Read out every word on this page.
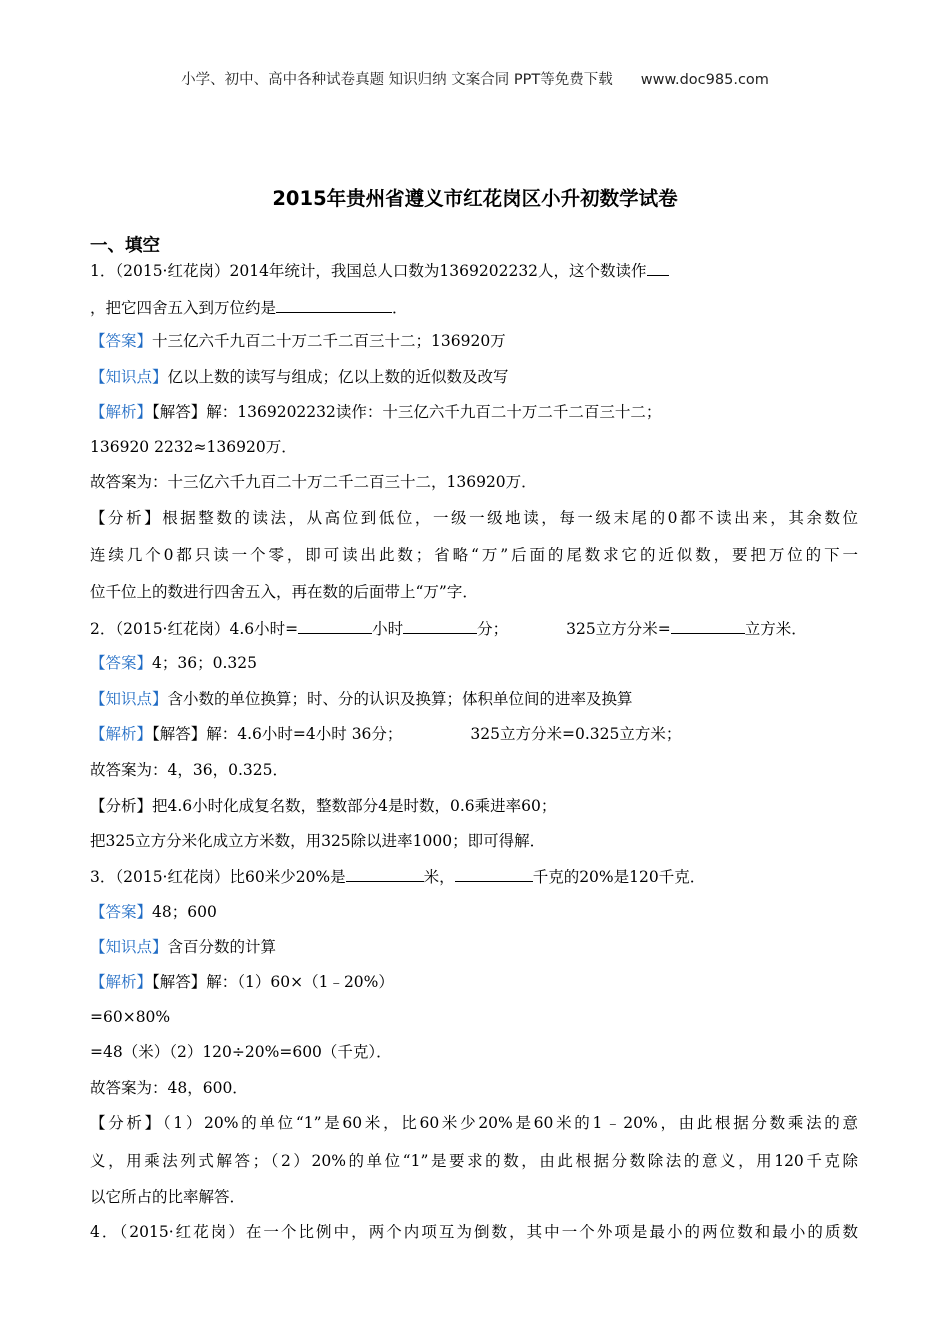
小学、初中、高中各种试卷真题 知识归纳 文案合同 PPT等免费下载 www.doc985.com
2015年贵州省遵义市红花岗区小升初数学试卷
一、填空
1．（2015·红花岗）2014年统计，我国总人口数为1369202232人，这个数读作
，把它四舍五入到万位约是	．
【答案】十三亿六千九百二十万二千二百三十二；136920万
【知识点】亿以上数的读写与组成；亿以上数的近似数及改写
【解析】【解答】解：1369202232读作：十三亿六千九百二十万二千二百三十二；
136920 2232≈136920万．
故答案为：十三亿六千九百二十万二千二百三十二，136920万．
【分析】根据整数的读法，从高位到低位，一级一级地读，每一级末尾的0都不读出来，其余数位
连续几个0都只读一个零，即可读出此数；省略“万”后面的尾数求它的近似数，要把万位的下一
位千位上的数进行四舍五入，再在数的后面带上“万”字．
2．（2015·红花岗）4.6小时=	小时	分；	325立方分米=	立方米．
【答案】4；36；0.325
【知识点】含小数的单位换算；时、分的认识及换算；体积单位间的进率及换算
【解析】【解答】解：4.6小时=4小时 36分；	325立方分米=0.325立方米；
故答案为：4，36，0.325．
【分析】把4.6小时化成复名数，整数部分4是时数，0.6乘进率60；
把325立方分米化成立方米数，用325除以进率1000；即可得解．
3．（2015·红花岗）比60米少20%是	米，	千克的20%是120千克．
【答案】48；600
【知识点】含百分数的计算
【解析】【解答】解：（1）60×（1﹣20%）
=60×80%
=48（米）（2）120÷20%=600（千克）．
故答案为：48，600．
【分析】（1）20%的单位“1”是60米，比60米少20%是60米的1﹣20%，由此根据分数乘法的意
义，用乘法列式解答；（2）20%的单位“1”是要求的数，由此根据分数除法的意义，用120千克除
以它所占的比率解答．
4．（2015·红花岗）在一个比例中，两个内项互为倒数，其中一个外项是最小的两位数和最小的质数
